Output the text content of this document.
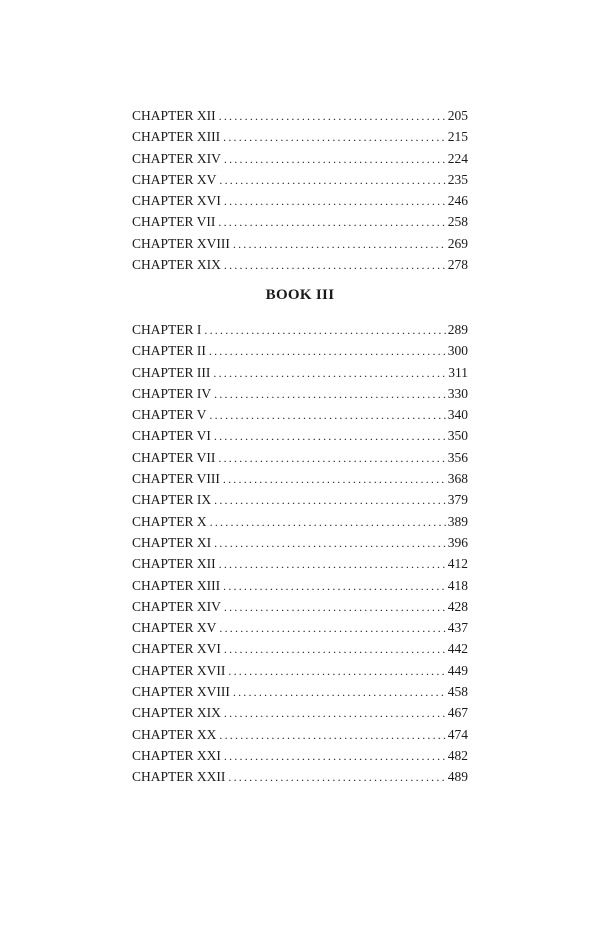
CHAPTER XII .....	205
CHAPTER XIII .....	215
CHAPTER XIV .....	224
CHAPTER XV .....	235
CHAPTER XVI .....	246
CHAPTER VII .....	258
CHAPTER XVIII .....	269
CHAPTER XIX .....	278
BOOK III
CHAPTER I .....	289
CHAPTER II .....	300
CHAPTER III .....	311
CHAPTER IV .....	330
CHAPTER V .....	340
CHAPTER VI .....	350
CHAPTER VII .....	356
CHAPTER VIII .....	368
CHAPTER IX .....	379
CHAPTER X .....	389
CHAPTER XI .....	396
CHAPTER XII .....	412
CHAPTER XIII .....	418
CHAPTER XIV .....	428
CHAPTER XV .....	437
CHAPTER XVI .....	442
CHAPTER XVII .....	449
CHAPTER XVIII .....	458
CHAPTER XIX .....	467
CHAPTER XX .....	474
CHAPTER XXI .....	482
CHAPTER XXII .....	489
